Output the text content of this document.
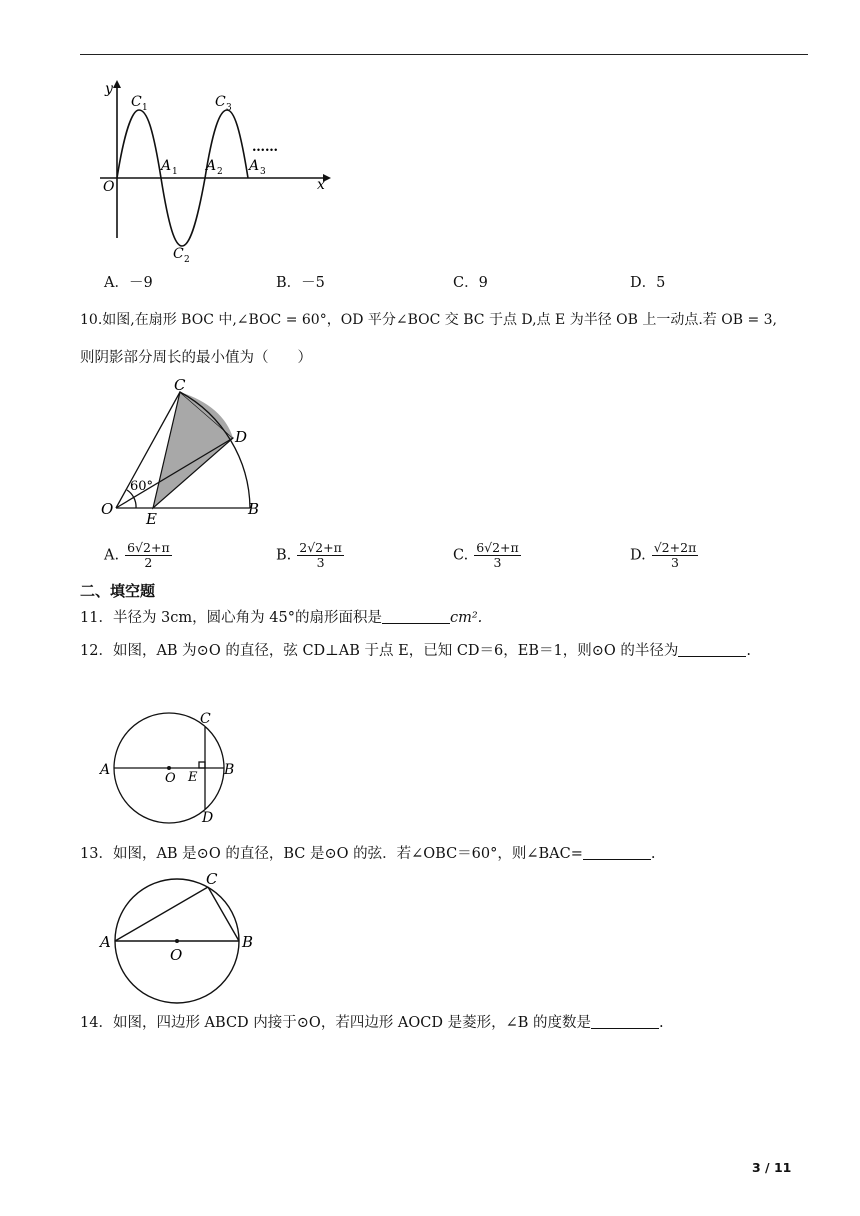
y
x
O
C 1	C 3
C 2
A 1 A 2 A 3
……
A．－9	B．－5	C．9	D．5
10.如图,在扇形 BOC 中,∠BOC = 60°，OD 平分∠BOC 交 BC 于点 D,点 E 为半径 OB 上一动点.若 OB = 3,
则阴影部分周长的最小值为（　　）
C
D
O
E
B
60°
A. $\frac{6√2+\pi}{2}$	B. $\frac{2√2+\pi}{3}$	C. $\frac{6√2+\pi}{3}$	D. $\frac{√2+2\pi}{3}$
二、填空题
11．半径为 3cm，圆心角为 45°的扇形面积是	cm².
12．如图，AB 为⊙O 的直径，弦 CD⊥AB 于点 E，已知 CD＝6，EB＝1，则⊙O 的半径为	.
A	B
C
D
E
O
13．如图，AB 是⊙O 的直径，BC 是⊙O 的弦．若∠OBC＝60°，则∠BAC=	.
A	B
C
O
14．如图，四边形 ABCD 内接于⊙O，若四边形 AOCD 是菱形，∠B 的度数是	.
3 / 11
